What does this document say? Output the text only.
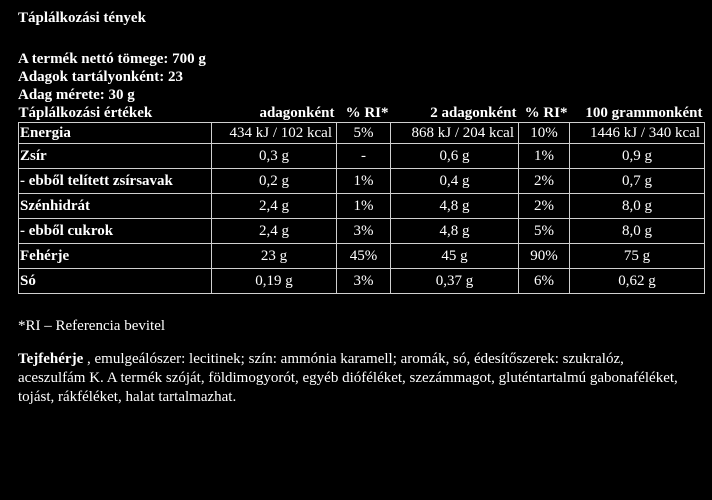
Táplálkozási tények
A termék nettó tömege: 700 g
Adagok tartályonként: 23
Adag mérete: 30 g
Táplálkozási értékek	adagonként	% RI*	2 adagonként	% RI*	100 grammonként
Energia	434 kJ / 102 kcal	5%	868 kJ / 204 kcal	10%	1446 kJ / 340 kcal
Zsír	0,3 g	-	0,6 g	1%	0,9 g
- ebből telített zsírsavak	0,2 g	1%	0,4 g	2%	0,7 g
Szénhidrát	2,4 g	1%	4,8 g	2%	8,0 g
- ebből cukrok	2,4 g	3%	4,8 g	5%	8,0 g
Fehérje	23 g	45%	45 g	90%	75 g
Só	0,19 g	3%	0,37 g	6%	0,62 g
*RI – Referencia bevitel
Tejfehérje , emulgeálószer: lecitinek; szín: ammónia karamell; aromák, só, édesítőszerek: szukralóz, aceszulfám K. A termék szóját, földimogyorót, egyéb dióféléket, szezámmagot, gluténtartalmú gabonaféléket, tojást, rákféléket, halat tartalmazhat.
